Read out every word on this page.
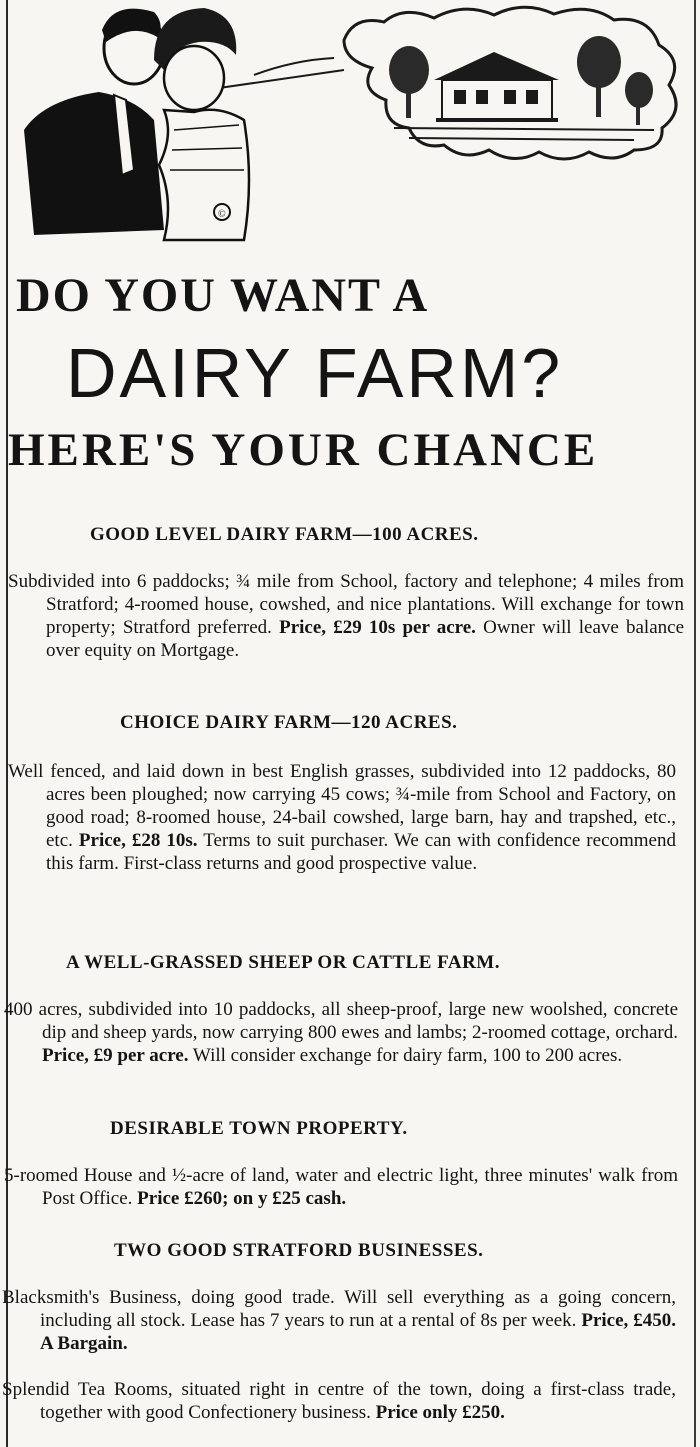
©
DO YOU WANT A
DAIRY FARM?
HERE'S YOUR CHANCE
GOOD LEVEL DAIRY FARM—100 ACRES.

Subdivided into 6 paddocks; ¾ mile from School, factory and telephone; 4 miles from Stratford; 4-roomed house, cowshed, and nice plantations. Will exchange for town property; Stratford preferred. Price, £29 10s per acre. Owner will leave balance over equity on Mortgage.

CHOICE DAIRY FARM—120 ACRES.

Well fenced, and laid down in best English grasses, subdivided into 12 paddocks, 80 acres been ploughed; now carrying 45 cows; ¾-mile from School and Factory, on good road; 8-roomed house, 24-bail cowshed, large barn, hay and trapshed, etc., etc. Price, £28 10s. Terms to suit purchaser. We can with confidence recommend this farm. First-class returns and good prospective value.

A WELL-GRASSED SHEEP OR CATTLE FARM.

400 acres, subdivided into 10 paddocks, all sheep-proof, large new woolshed, concrete dip and sheep yards, now carrying 800 ewes and lambs; 2-roomed cottage, orchard. Price, £9 per acre. Will consider exchange for dairy farm, 100 to 200 acres.

DESIRABLE TOWN PROPERTY.

5-roomed House and ½-acre of land, water and electric light, three minutes' walk from Post Office. Price £260; on y £25 cash.

TWO GOOD STRATFORD BUSINESSES.

Blacksmith's Business, doing good trade. Will sell everything as a going concern, including all stock. Lease has 7 years to run at a rental of 8s per week. Price, £450. A Bargain.

Splendid Tea Rooms, situated right in centre of the town, doing a first-class trade, together with good Confectionery business. Price only £250.
